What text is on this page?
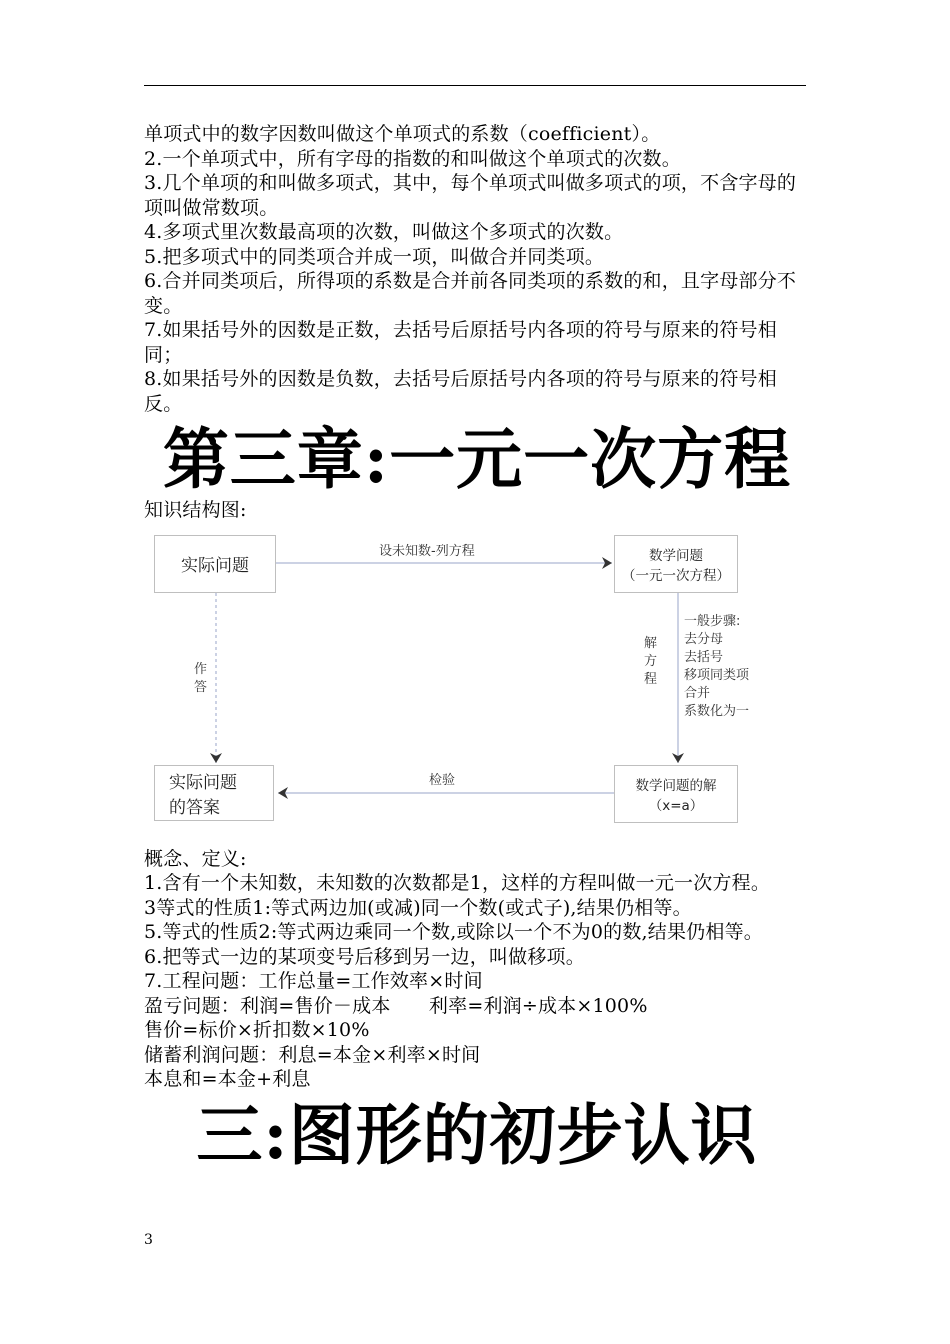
单项式中的数字因数叫做这个单项式的系数（coefficient）。

2.一个单项式中，所有字母的指数的和叫做这个单项式的次数。

3.几个单项的和叫做多项式，其中，每个单项式叫做多项式的项，不含字母的项叫做常数项。

4.多项式里次数最高项的次数，叫做这个多项式的次数。

5.把多项式中的同类项合并成一项，叫做合并同类项。

6.合并同类项后，所得项的系数是合并前各同类项的系数的和，且字母部分不变。

7.如果括号外的因数是正数，去括号后原括号内各项的符号与原来的符号相同；

8.如果括号外的因数是负数，去括号后原括号内各项的符号与原来的符号相反。

第三章:一元一次方程

知识结构图:

实际问题
数学问题
（一元一次方程）
数学问题的解
（x=a）
实际问题
的答案
设未知数-列方程
解
方
程
一般步骤:
去分母
去括号
移项同类项
合并
系数化为一
检验
作
答

概念、定义:

1.含有一个未知数，未知数的次数都是1，这样的方程叫做一元一次方程。

3等式的性质1:等式两边加(或减)同一个数(或式子),结果仍相等。

5.等式的性质2:等式两边乘同一个数,或除以一个不为0的数,结果仍相等。

6.把等式一边的某项变号后移到另一边，叫做移项。

7.工程问题：工作总量=工作效率×时间

盈亏问题：利润=售价－成本　　利率=利润÷成本×100%

售价=标价×折扣数×10%

储蓄利润问题：利息=本金×利率×时间

本息和=本金+利息

三:图形的初步认识
3
